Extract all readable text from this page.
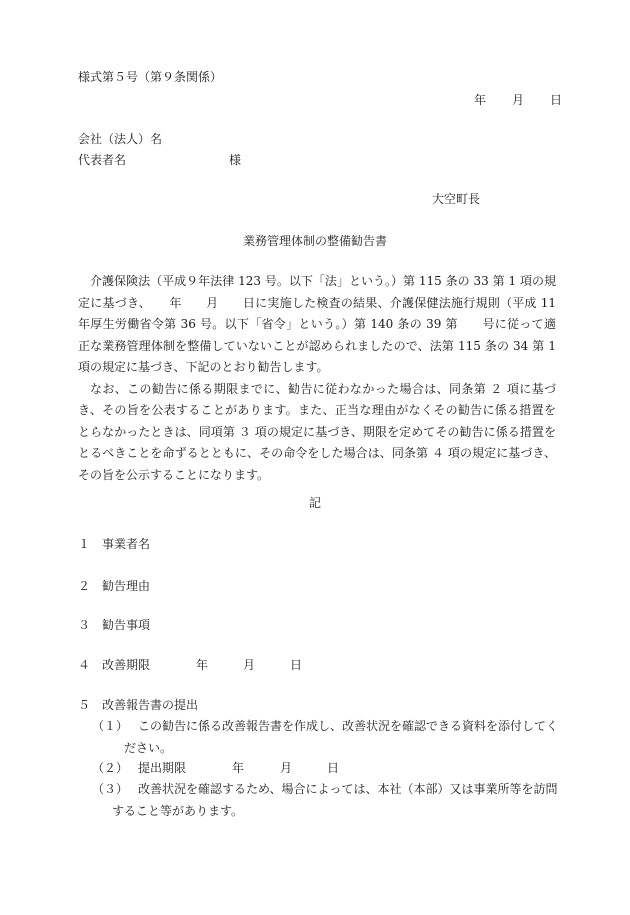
様式第５号（第９条関係）
年 月 日
会社（法人）名
代表者名	様
大空町長
業務管理体制の整備勧告書

介護保険法（平成９年法律 123 号。以下「法」という。）第 115 条の 33 第 1 項の規定に基づき、　　年　　月　　日に実施した検査の結果、介護保健法施行規則（平成 11 年厚生労働省令第 36 号。以下「省令」という。）第 140 条の 39 第　　号に従って適正な業務管理体制を整備していないことが認められましたので、法第 115 条の 34 第 1 項の規定に基づき、下記のとおり勧告します。

なお、この勧告に係る期限までに、勧告に従わなかった場合は、同条第 ２ 項に基づき、その旨を公表することがあります。また、正当な理由がなくその勧告に係る措置をとらなかったときは、同項第 ３ 項の規定に基づき、期限を定めてその勧告に係る措置をとるべきことを命ずるとともに、その命令をした場合は、同条第 ４ 項の規定に基づき、その旨を公示することになります。

記
１ 事業者名
２ 勧告理由
３ 勧告事項
４ 改善期限	年	月	日
５ 改善報告書の提出
（１） この勧告に係る改善報告書を作成し、改善状況を確認できる資料を添付してく
ださい。
（２） 提出期限	年	月	日
（３） 改善状況を確認するため、場合によっては、本社（本部）又は事業所等を訪問
すること等があります。
